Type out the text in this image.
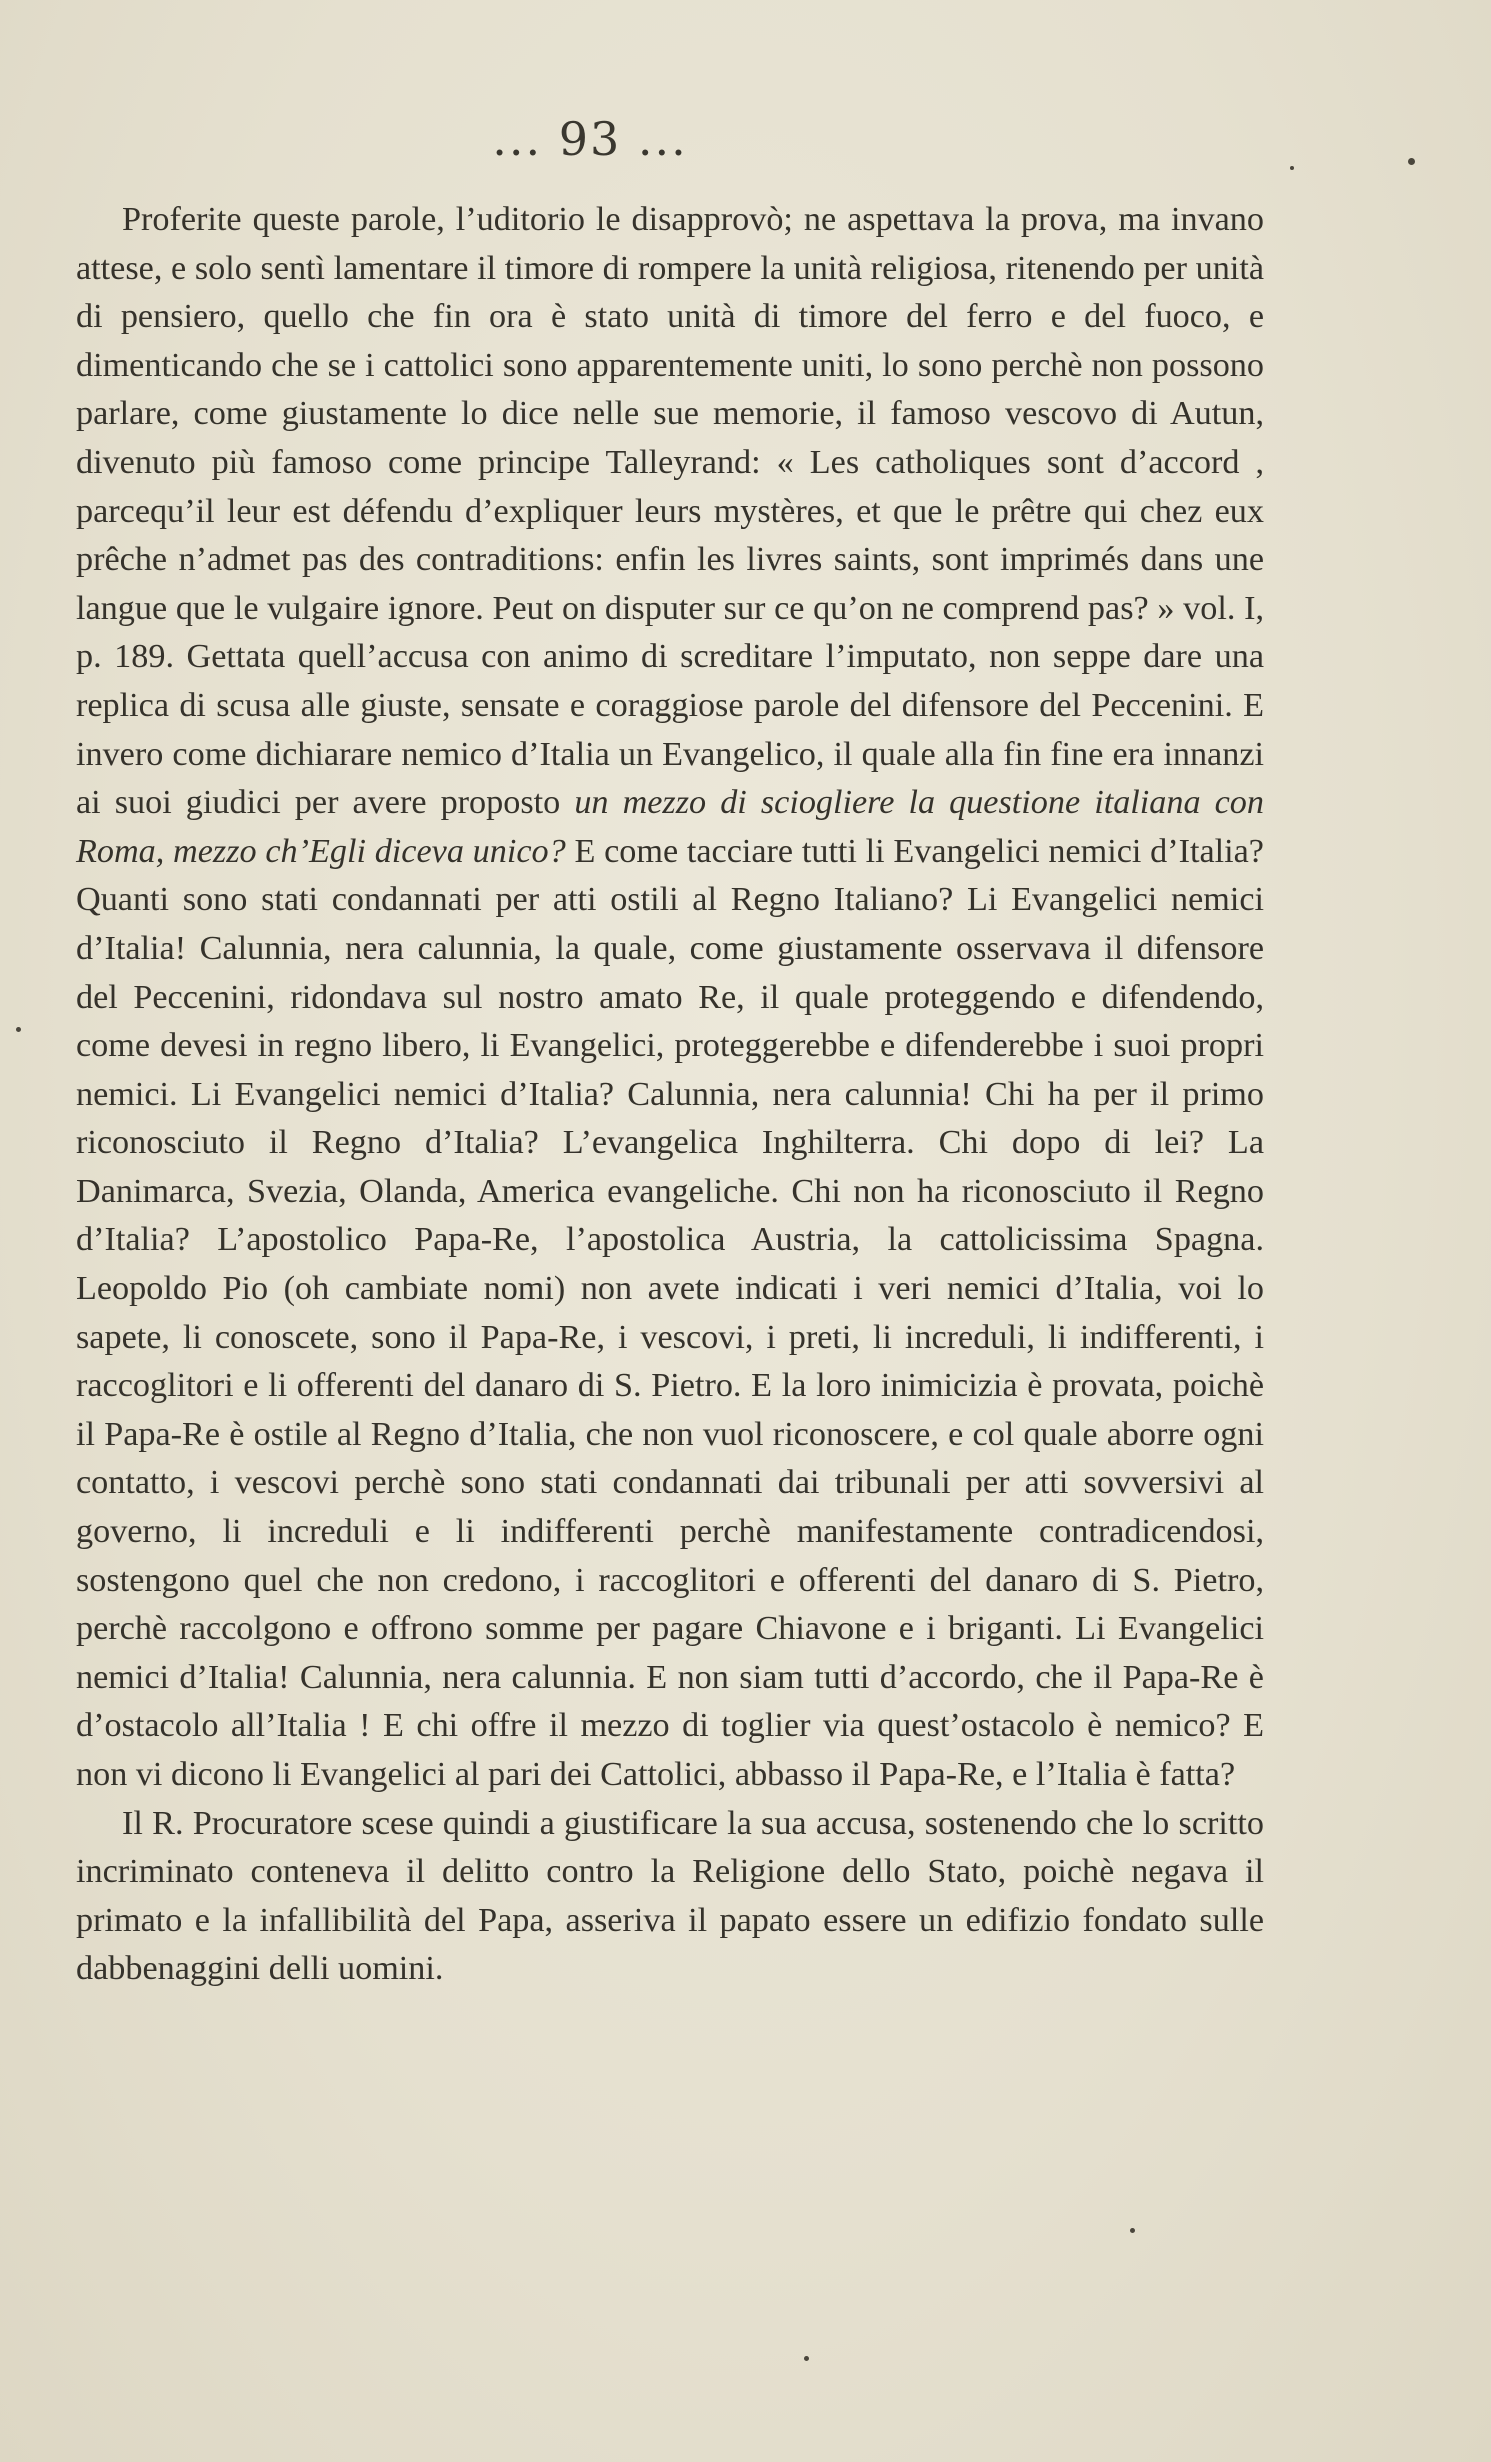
... 93 ...

Proferite queste parole, l’uditorio le disapprovò; ne aspettava la prova, ma invano attese, e solo sentì lamentare il timore di rompere la unità religiosa, ritenendo per unità di pensiero, quello che fin ora è stato unità di timore del ferro e del fuoco, e dimenticando che se i cattolici sono apparentemente uniti, lo sono perchè non possono parlare, come giustamente lo dice nelle sue memorie, il famoso vescovo di Autun, divenuto più famoso come principe Talleyrand: « Les catholiques sont d’accord , parcequ’il leur est défendu d’expliquer leurs mystères, et que le prêtre qui chez eux prêche n’admet pas des contraditions: enfin les livres saints, sont imprimés dans une langue que le vulgaire ignore. Peut on disputer sur ce qu’on ne comprend pas? » vol. I, p. 189. Gettata quell’accusa con animo di screditare l’imputato, non seppe dare una replica di scusa alle giuste, sensate e coraggiose parole del difensore del Peccenini. E invero come dichiarare nemico d’Italia un Evangelico, il quale alla fin fine era innanzi ai suoi giudici per avere proposto un mezzo di sciogliere la questione italiana con Roma, mezzo ch’Egli diceva unico? E come tacciare tutti li Evangelici nemici d’Italia? Quanti sono stati condannati per atti ostili al Regno Italiano? Li Evangelici nemici d’Italia! Calunnia, nera calunnia, la quale, come giustamente osservava il difensore del Peccenini, ridondava sul nostro amato Re, il quale proteggendo e difendendo, come devesi in regno libero, li Evangelici, proteggerebbe e difenderebbe i suoi propri nemici. Li Evangelici nemici d’Italia? Calunnia, nera calunnia! Chi ha per il primo riconosciuto il Regno d’Italia? L’evangelica Inghilterra. Chi dopo di lei? La Danimarca, Svezia, Olanda, America evangeliche. Chi non ha riconosciuto il Regno d’Italia? L’apostolico Papa-Re, l’apostolica Austria, la cattolicissima Spagna. Leopoldo Pio (oh cambiate nomi) non avete indicati i veri nemici d’Italia, voi lo sapete, li conoscete, sono il Papa-Re, i vescovi, i preti, li increduli, li indifferenti, i raccoglitori e li offerenti del danaro di S. Pietro. E la loro inimicizia è provata, poichè il Papa-Re è ostile al Regno d’Italia, che non vuol riconoscere, e col quale aborre ogni contatto, i vescovi perchè sono stati condannati dai tribunali per atti sovversivi al governo, li increduli e li indifferenti perchè manifestamente contradicendosi, sostengono quel che non credono, i raccoglitori e offerenti del danaro di S. Pietro, perchè raccolgono e offrono somme per pagare Chiavone e i briganti. Li Evangelici nemici d’Italia! Calunnia, nera calunnia. E non siam tutti d’accordo, che il Papa-Re è d’ostacolo all’Italia ! E chi offre il mezzo di toglier via quest’ostacolo è nemico? E non vi dicono li Evangelici al pari dei Cattolici, abbasso il Papa-Re, e l’Italia è fatta?

Il R. Procuratore scese quindi a giustificare la sua accusa, sostenendo che lo scritto incriminato conteneva il delitto contro la Religione dello Stato, poichè negava il primato e la infallibilità del Papa, asseriva il papato essere un edifizio fondato sulle dabbenaggini delli uomini.
